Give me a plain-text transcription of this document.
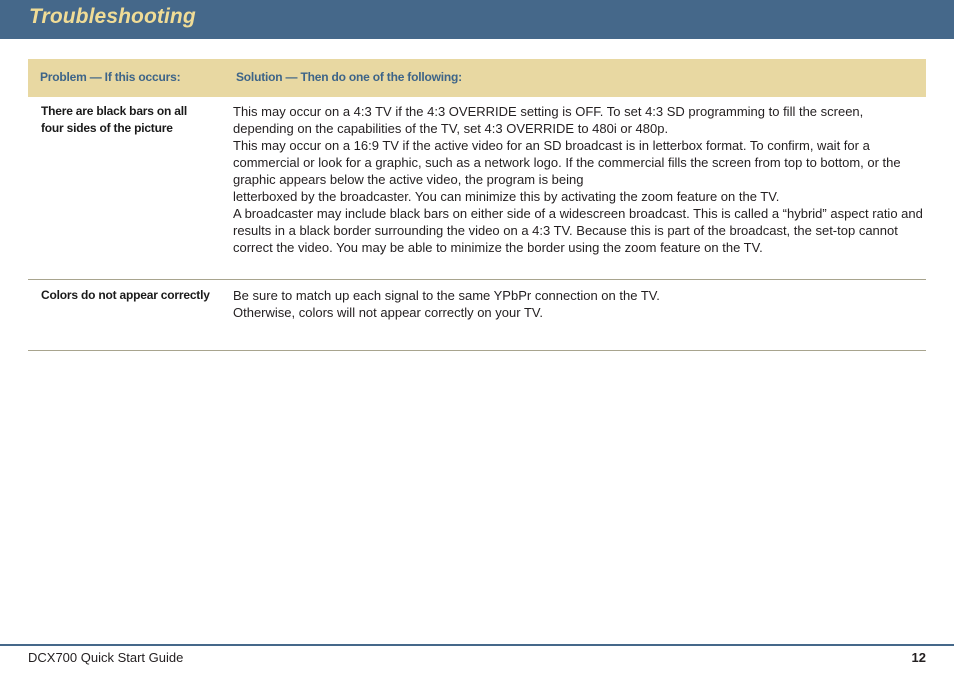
Troubleshooting
Problem — If this occurs:	Solution — Then do one of the following:
There are black bars on all four sides of the picture

This may occur on a 4:3 TV if the 4:3 OVERRIDE setting is OFF. To set 4:3 SD programming to fill the screen, depending on the capabilities of the TV, set 4:3 OVERRIDE to 480i or 480p.

This may occur on a 16:9 TV if the active video for an SD broadcast is in letterbox format. To confirm, wait for a commercial or look for a graphic, such as a network logo. If the commercial fills the screen from top to bottom, or the graphic appears below the active video, the program is being

letterboxed by the broadcaster. You can minimize this by activating the zoom feature on the TV.

A broadcaster may include black bars on either side of a widescreen broadcast. This is called a “hybrid” aspect ratio and results in a black border surrounding the video on a 4:3 TV. Because this is part of the broadcast, the set-top cannot correct the video. You may be able to minimize the border using the zoom feature on the TV.

Colors do not appear correctly Be sure to match up each signal to the same YPbPr connection on the TV.

Otherwise, colors will not appear correctly on your TV.

DCX700 Quick Start Guide	12
